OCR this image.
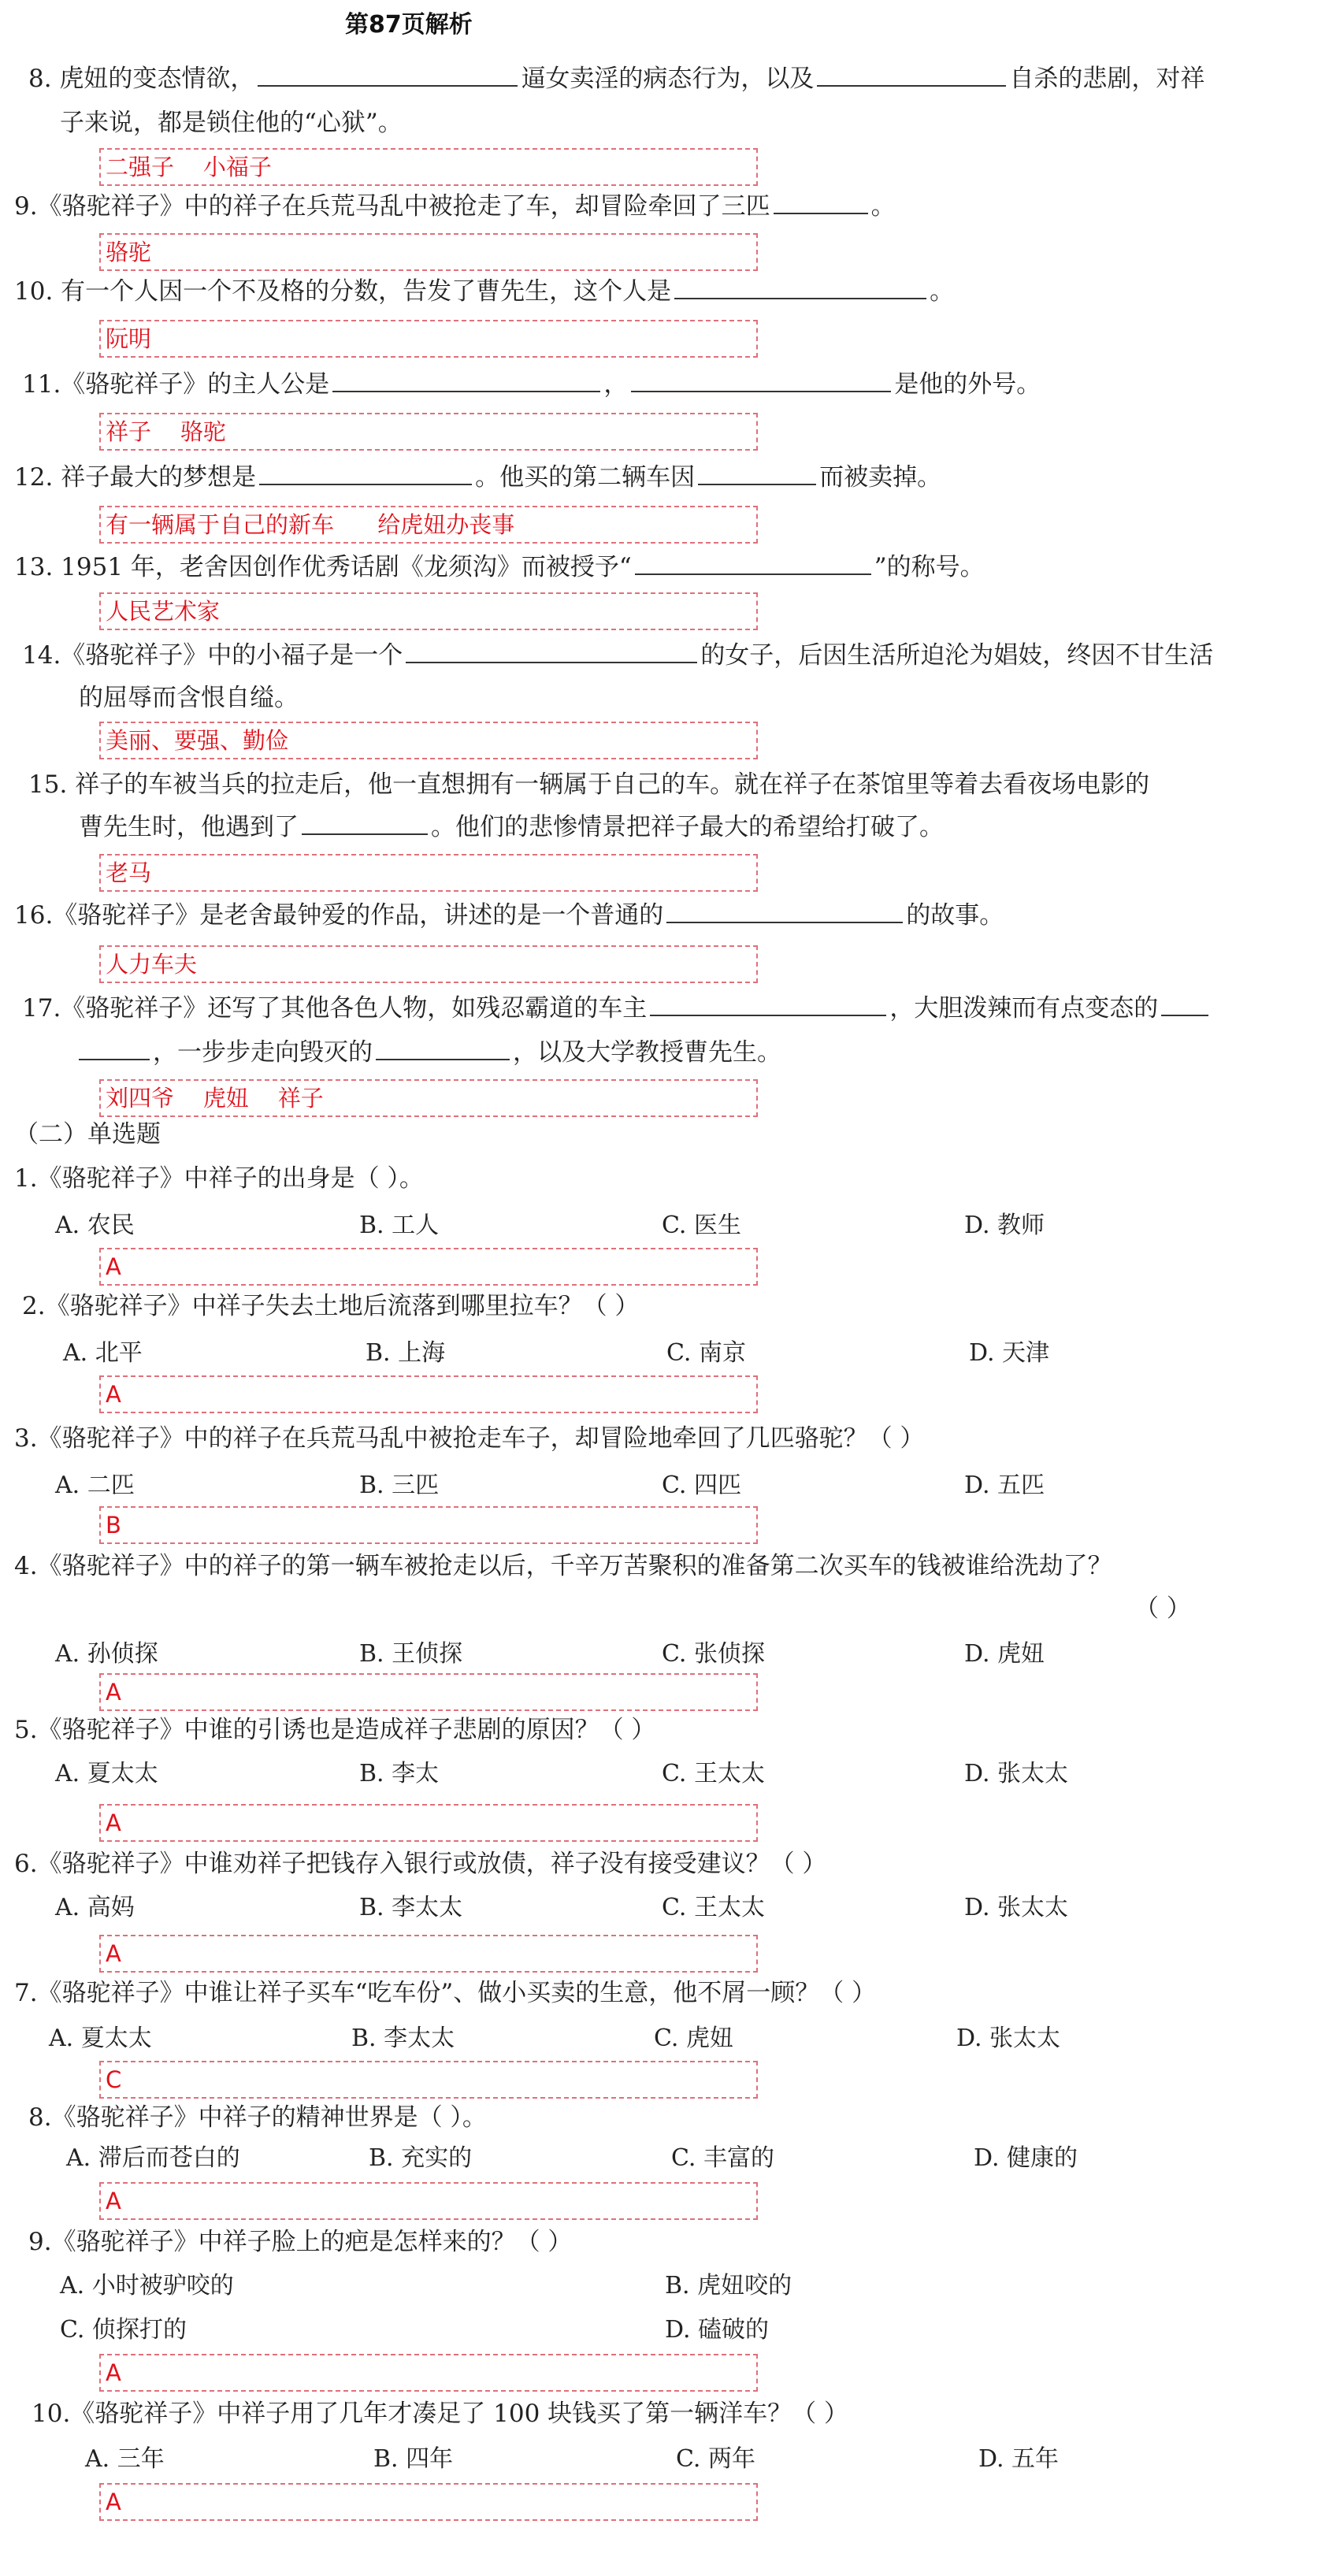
第87页解析
8. 虎妞的变态情欲，	逼女卖淫的病态行为，以及	自杀的悲剧，对祥
子来说，都是锁住他的“心狱”。
二强子    小福子
9.《骆驼祥子》中的祥子在兵荒马乱中被抢走了车，却冒险牵回了三匹	。
骆驼
10. 有一个人因一个不及格的分数，告发了曹先生，这个人是	。
阮明
11.《骆驼祥子》的主人公是	，	是他的外号。
祥子    骆驼
12. 祥子最大的梦想是	。他买的第二辆车因	而被卖掉。
有一辆属于自己的新车      给虎妞办丧事
13. 1951 年，老舍因创作优秀话剧《龙须沟》而被授予“	”的称号。
人民艺术家
14.《骆驼祥子》中的小福子是一个	的女子，后因生活所迫沦为娼妓，终因不甘生活
的屈辱而含恨自缢。
美丽、要强、勤俭
15. 祥子的车被当兵的拉走后，他一直想拥有一辆属于自己的车。就在祥子在茶馆里等着去看夜场电影的
曹先生时，他遇到了	。他们的悲惨情景把祥子最大的希望给打破了。
老马
16.《骆驼祥子》是老舍最钟爱的作品，讲述的是一个普通的	的故事。
人力车夫
17.《骆驼祥子》还写了其他各色人物，如残忍霸道的车主	，大胆泼辣而有点变态的
，一步步走向毁灭的	，以及大学教授曹先生。
刘四爷    虎妞    祥子
（二）单选题
1.《骆驼祥子》中祥子的出身是（ ）。
A. 农民	B. 工人	C. 医生	D. 教师
A
2.《骆驼祥子》中祥子失去土地后流落到哪里拉车？（ ）
A. 北平	B. 上海	C. 南京	D. 天津
A
3.《骆驼祥子》中的祥子在兵荒马乱中被抢走车子，却冒险地牵回了几匹骆驼？（ ）
A. 二匹	B. 三匹	C. 四匹	D. 五匹
B
4.《骆驼祥子》中的祥子的第一辆车被抢走以后，千辛万苦聚积的准备第二次买车的钱被谁给洗劫了？
（ ）
A. 孙侦探	B. 王侦探	C. 张侦探	D. 虎妞
A
5.《骆驼祥子》中谁的引诱也是造成祥子悲剧的原因？（ ）
A. 夏太太	B. 李太	C. 王太太	D. 张太太
A
6.《骆驼祥子》中谁劝祥子把钱存入银行或放债，祥子没有接受建议？（ ）
A. 高妈	B. 李太太	C. 王太太	D. 张太太
A
7.《骆驼祥子》中谁让祥子买车“吃车份”、做小买卖的生意，他不屑一顾？（ ）
A. 夏太太	B. 李太太	C. 虎妞	D. 张太太
C
8.《骆驼祥子》中祥子的精神世界是（ ）。
A. 滞后而苍白的	B. 充实的	C. 丰富的	D. 健康的
A
9.《骆驼祥子》中祥子脸上的疤是怎样来的？（ ）
A. 小时被驴咬的	B. 虎妞咬的
C. 侦探打的	D. 磕破的
A
10.《骆驼祥子》中祥子用了几年才凑足了 100 块钱买了第一辆洋车？（ ）
A. 三年	B. 四年	C. 两年	D. 五年
A
